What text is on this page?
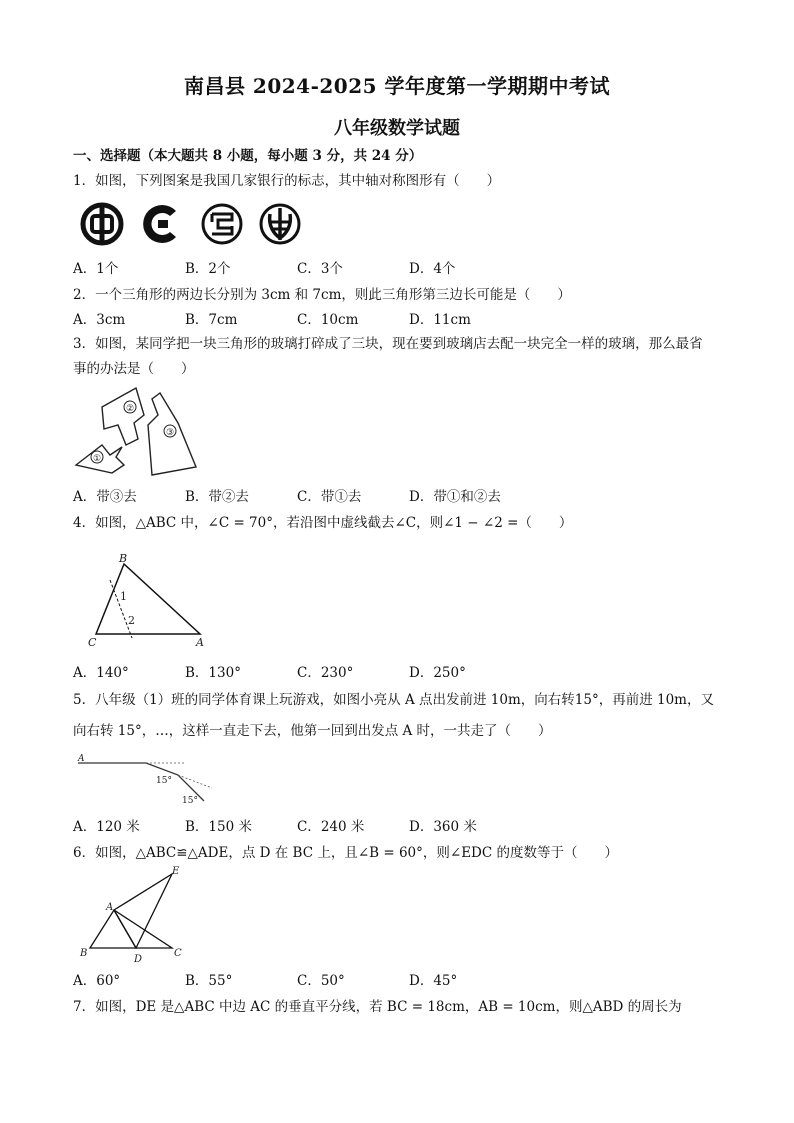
南昌县 2024-2025 学年度第一学期期中考试
八年级数学试题
一、选择题（本大题共 8 小题，每小题 3 分，共 24 分）
1．如图，下列图案是我国几家银行的标志，其中轴对称图形有（　　）
A．1个	B．2个	C．3个	D．4个
2．一个三角形的两边长分别为 3cm 和 7cm，则此三角形第三边长可能是（　　）
A．3cm	B．7cm	C．10cm	D．11cm
3．如图，某同学把一块三角形的玻璃打碎成了三块，现在要到玻璃店去配一块完全一样的玻璃，那么最省
事的办法是（　　）
①
②
③
A．带③去	B．带②去	C．带①去	D．带①和②去
4．如图，△ABC 中，∠C = 70°，若沿图中虚线截去∠C，则∠1 − ∠2 =（　　）
B
C	A
1
2
A．140°	B．130°	C．230°	D．250°
5．八年级（1）班的同学体育课上玩游戏，如图小亮从 A 点出发前进 10m，向右转15°，再前进 10m，又
向右转 15°，…，这样一直走下去，他第一回到出发点 A 时，一共走了（　　）
A
15°
15°
A．120 米	B．150 米	C．240 米	D．360 米
6．如图，△ABC≌△ADE，点 D 在 BC 上，且∠B = 60°，则∠EDC 的度数等于（　　）
E
A
B
D
C
A．60°	B．55°	C．50°	D．45°
7．如图，DE 是△ABC 中边 AC 的垂直平分线，若 BC = 18cm，AB = 10cm，则△ABD 的周长为
